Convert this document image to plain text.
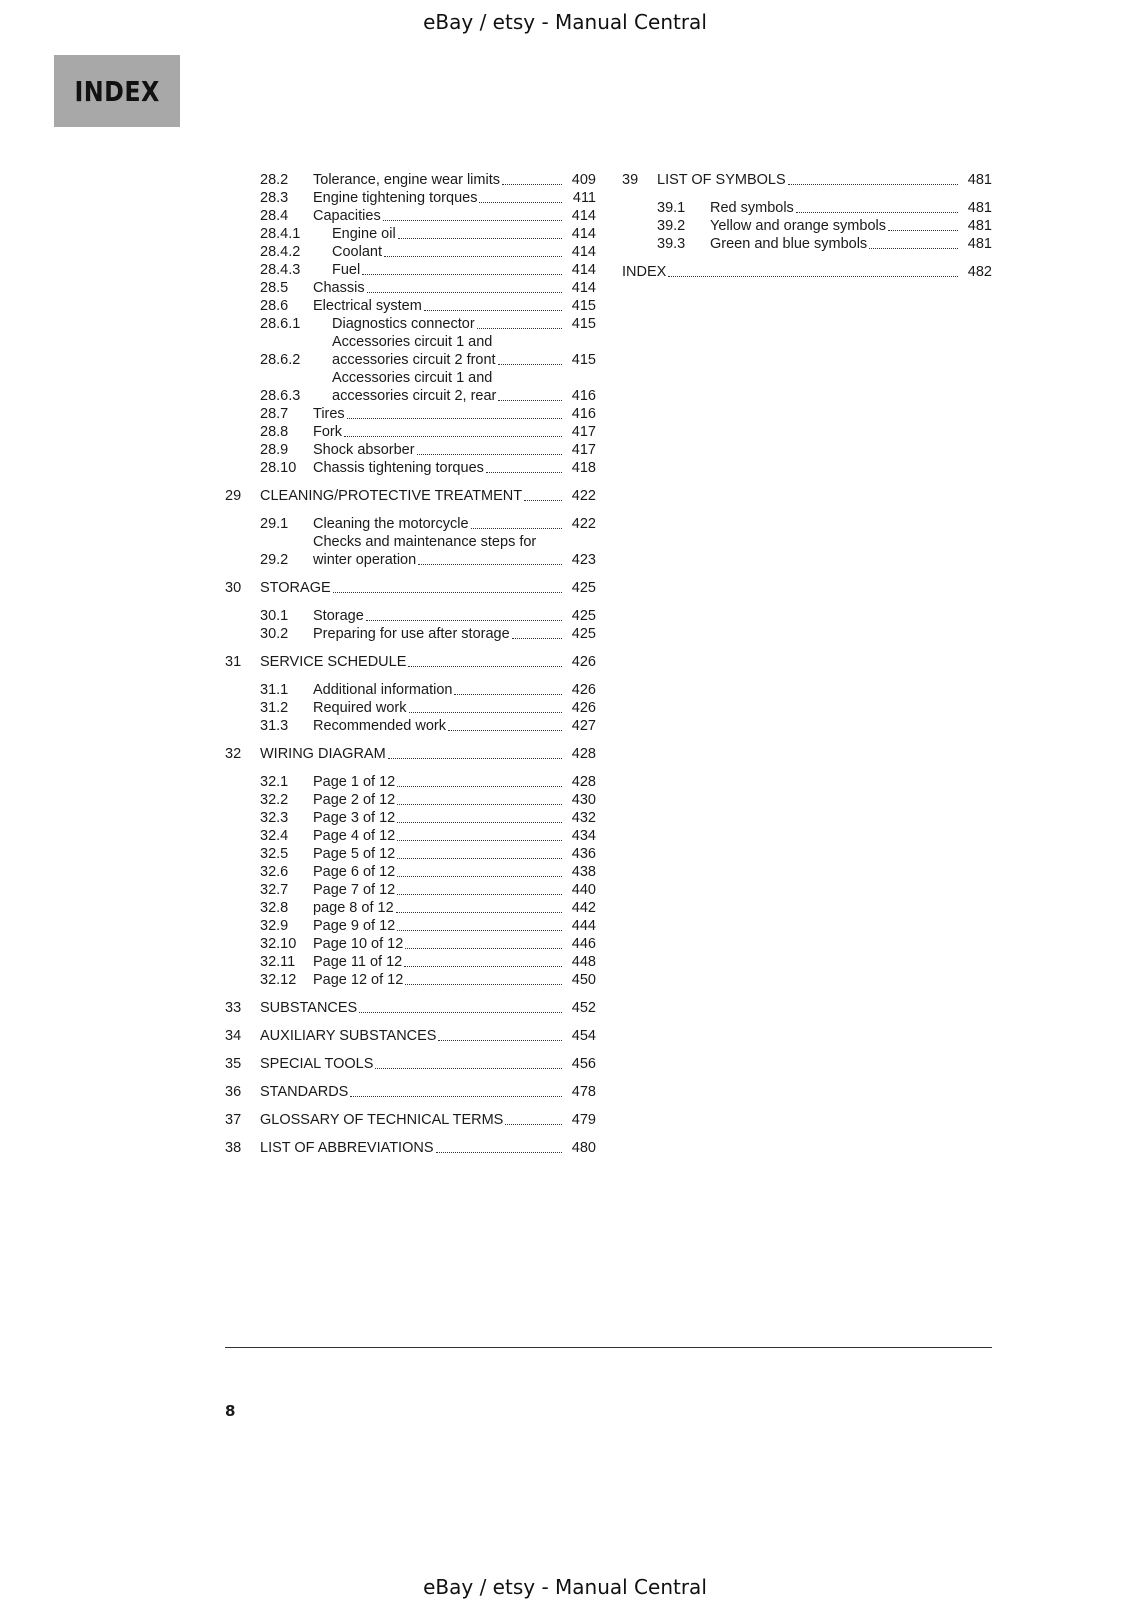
eBay / etsy - Manual Central
INDEX
28.2	Tolerance, engine wear limits	409
28.3	Engine tightening torques	411
28.4	Capacities	414
28.4.1	Engine oil	414
28.4.2	Coolant	414
28.4.3	Fuel	414
28.5	Chassis	414
28.6	Electrical system	415
28.6.1	Diagnostics connector	415
28.6.2
Accessories circuit 1 and
accessories circuit 2 front	415
28.6.3
Accessories circuit 1 and
accessories circuit 2, rear	416
28.7	Tires	416
28.8	Fork	417
28.9	Shock absorber	417
28.10	Chassis tightening torques	418
29	CLEANING/PROTECTIVE TREATMENT	422
29.1	Cleaning the motorcycle	422
29.2
Checks and maintenance steps for
winter operation	423
30	STORAGE	425
30.1	Storage	425
30.2	Preparing for use after storage	425
31	SERVICE SCHEDULE	426
31.1	Additional information	426
31.2	Required work	426
31.3	Recommended work	427
32	WIRING DIAGRAM	428
32.1	Page 1 of 12	428
32.2	Page 2 of 12	430
32.3	Page 3 of 12	432
32.4	Page 4 of 12	434
32.5	Page 5 of 12	436
32.6	Page 6 of 12	438
32.7	Page 7 of 12	440
32.8	page 8 of 12	442
32.9	Page 9 of 12	444
32.10	Page 10 of 12	446
32.11	Page 11 of 12	448
32.12	Page 12 of 12	450
33	SUBSTANCES	452
34	AUXILIARY SUBSTANCES	454
35	SPECIAL TOOLS	456
36	STANDARDS	478
37	GLOSSARY OF TECHNICAL TERMS	479
38	LIST OF ABBREVIATIONS	480
39	LIST OF SYMBOLS	481
39.1	Red symbols	481
39.2	Yellow and orange symbols	481
39.3	Green and blue symbols	481
INDEX	482
8
eBay / etsy - Manual Central
